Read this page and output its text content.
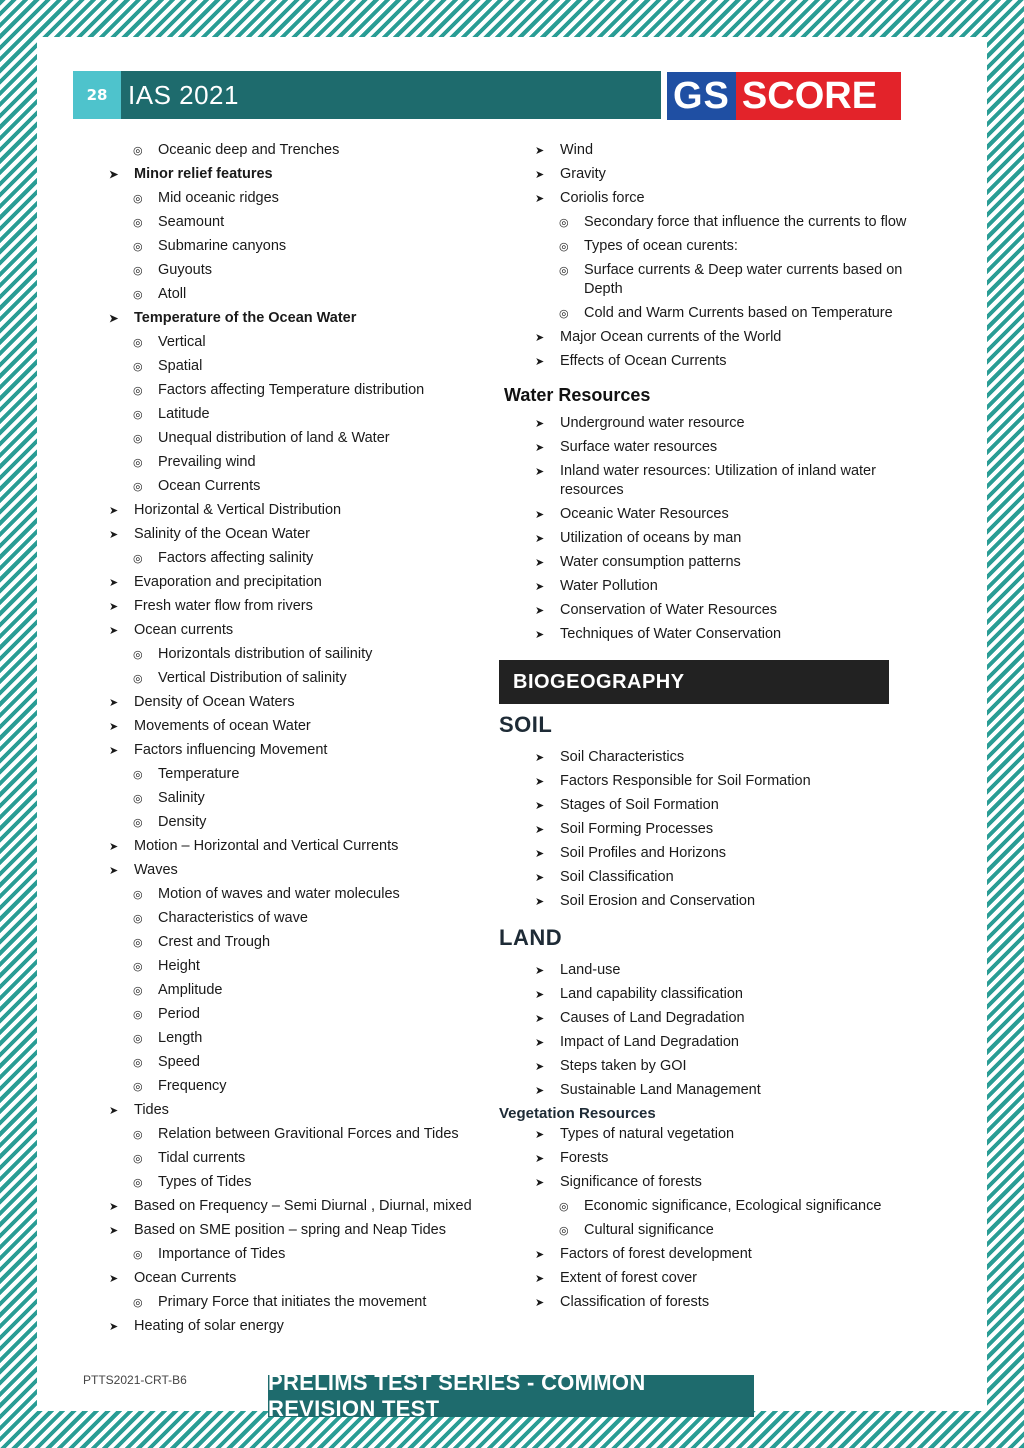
28 IAS 2021	GS SCORE
◎ Oceanic deep and Trenches
➤ Minor relief features
◎ Mid oceanic ridges
◎ Seamount
◎ Submarine canyons
◎ Guyouts
◎ Atoll
➤ Temperature of the Ocean Water
◎ Vertical
◎ Spatial
◎ Factors affecting Temperature distribution
◎ Latitude
◎ Unequal distribution of land & Water
◎ Prevailing wind
◎ Ocean Currents
➤ Horizontal & Vertical Distribution
➤ Salinity of the Ocean Water
◎ Factors affecting salinity
➤ Evaporation and precipitation
➤ Fresh water flow from rivers
➤ Ocean currents
◎ Horizontals distribution of sailinity
◎ Vertical Distribution of salinity
➤ Density of Ocean Waters
➤ Movements of ocean Water
➤ Factors influencing Movement
◎ Temperature
◎ Salinity
◎ Density
➤ Motion – Horizontal and Vertical Currents
➤ Waves
◎ Motion of waves and water molecules
◎ Characteristics of wave
◎ Crest and Trough
◎ Height
◎ Amplitude
◎ Period
◎ Length
◎ Speed
◎ Frequency
➤ Tides
◎ Relation between Gravitional Forces and Tides
◎ Tidal currents
◎ Types of Tides
➤ Based on Frequency – Semi Diurnal , Diurnal, mixed
➤ Based on SME position – spring and Neap Tides
◎ Importance of Tides
➤ Ocean Currents
◎ Primary Force that initiates the movement
➤ Heating of solar energy
➤ Wind
➤ Gravity
➤ Coriolis force
◎ Secondary force that influence the currents to flow
◎ Types of ocean curents:
◎ Surface currents & Deep water currents based on Depth
◎ Cold and Warm Currents based on Temperature
➤ Major Ocean currents of the World
➤ Effects of Ocean Currents
Water Resources
➤ Underground water resource
➤ Surface water resources
➤ Inland water resources: Utilization of inland water resources
➤ Oceanic Water Resources
➤ Utilization of oceans by man
➤ Water consumption patterns
➤ Water Pollution
➤ Conservation of Water Resources
➤ Techniques of Water Conservation
BIOGEOGRAPHY
SOIL
➤ Soil Characteristics
➤ Factors Responsible for Soil Formation
➤ Stages of Soil Formation
➤ Soil Forming Processes
➤ Soil Profiles and Horizons
➤ Soil Classification
➤ Soil Erosion and Conservation
LAND
➤ Land-use
➤ Land capability classification
➤ Causes of Land Degradation
➤ Impact of Land Degradation
➤ Steps taken by GOI
➤ Sustainable Land Management
Vegetation Resources
➤ Types of natural vegetation
➤ Forests
➤ Significance of forests
◎ Economic significance, Ecological significance
◎ Cultural significance
➤ Factors of forest development
➤ Extent of forest cover
➤ Classification of forests
PTTS2021-CRT-B6	PRELIMS TEST SERIES - COMMON REVISION TEST
